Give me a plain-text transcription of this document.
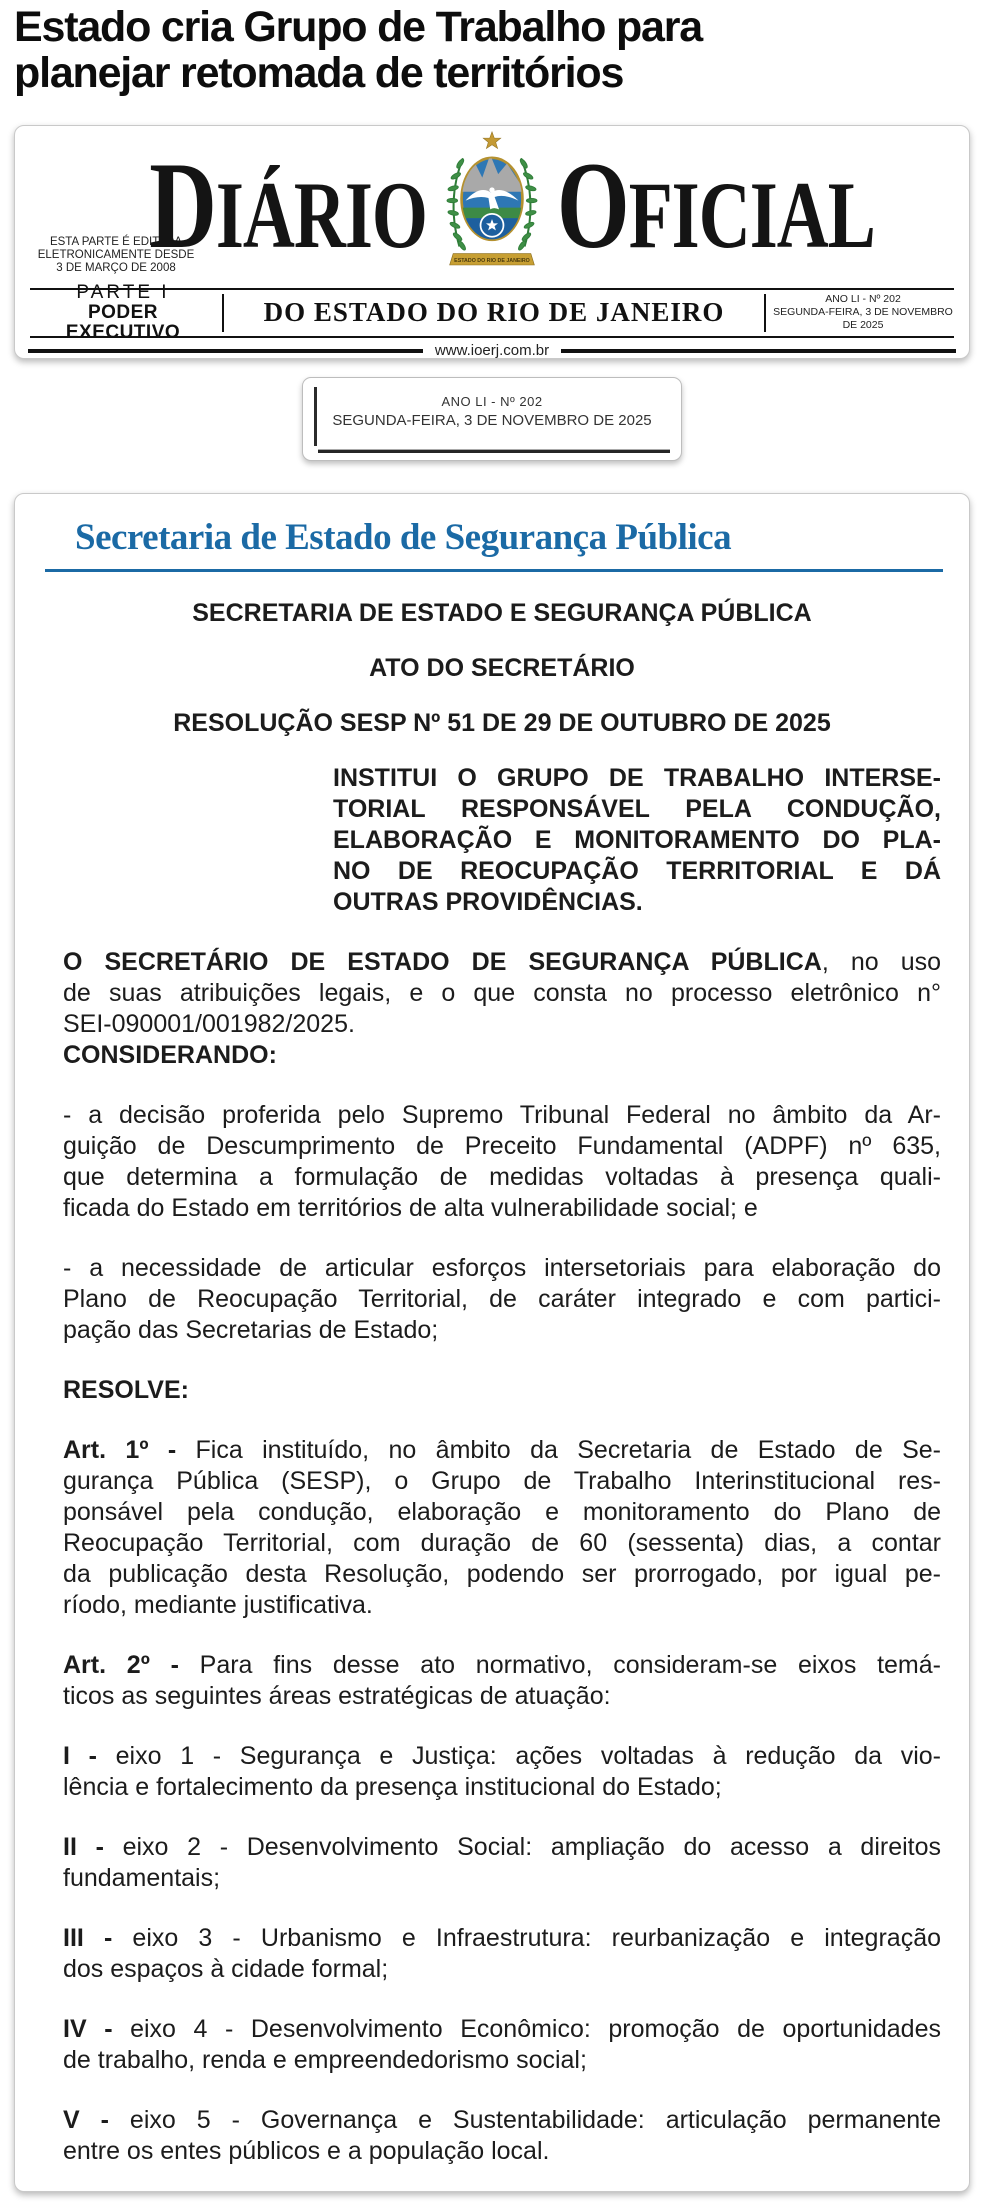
Estado cria Grupo de Trabalho para planejar retomada de territórios
ESTA PARTE É EDITADA
ELETRONICAMENTE DESDE
3 DE MARÇO DE 2008
DIÁRIO	ESTADO DO RIO DE JANEIRO OFICIAL
PARTE I
PODER EXECUTIVO
DO ESTADO DO RIO DE JANEIRO	ANO LI - Nº 202
SEGUNDA-FEIRA, 3 DE NOVEMBRO DE 2025
www.ioerj.com.br
ANO LI - Nº 202
SEGUNDA-FEIRA, 3 DE NOVEMBRO DE 2025
Secretaria de Estado de Segurança Pública
SECRETARIA DE ESTADO E SEGURANÇA PÚBLICA
ATO DO SECRETÁRIO
RESOLUÇÃO SESP Nº 51 DE 29 DE OUTUBRO DE 2025
INSTITUI O GRUPO DE TRABALHO INTERSE-
TORIAL RESPONSÁVEL PELA CONDUÇÃO,
ELABORAÇÃO E MONITORAMENTO DO PLA-
NO DE REOCUPAÇÃO TERRITORIAL E DÁ
OUTRAS PROVIDÊNCIAS.
O SECRETÁRIO DE ESTADO DE SEGURANÇA PÚBLICA, no uso
de suas atribuições legais, e o que consta no processo eletrônico n°
SEI-090001/001982/2025.
CONSIDERANDO:
- a decisão proferida pelo Supremo Tribunal Federal no âmbito da Ar-
guição de Descumprimento de Preceito Fundamental (ADPF) nº 635,
que determina a formulação de medidas voltadas à presença quali-
ficada do Estado em territórios de alta vulnerabilidade social; e
- a necessidade de articular esforços intersetoriais para elaboração do
Plano de Reocupação Territorial, de caráter integrado e com partici-
pação das Secretarias de Estado;
RESOLVE:
Art. 1º - Fica instituído, no âmbito da Secretaria de Estado de Se-
gurança Pública (SESP), o Grupo de Trabalho Interinstitucional res-
ponsável pela condução, elaboração e monitoramento do Plano de
Reocupação Territorial, com duração de 60 (sessenta) dias, a contar
da publicação desta Resolução, podendo ser prorrogado, por igual pe-
ríodo, mediante justificativa.
Art. 2º - Para fins desse ato normativo, consideram-se eixos temá-
ticos as seguintes áreas estratégicas de atuação:
I - eixo 1 - Segurança e Justiça: ações voltadas à redução da vio-
lência e fortalecimento da presença institucional do Estado;
II - eixo 2 - Desenvolvimento Social: ampliação do acesso a direitos
fundamentais;
III - eixo 3 - Urbanismo e Infraestrutura: reurbanização e integração
dos espaços à cidade formal;
IV - eixo 4 - Desenvolvimento Econômico: promoção de oportunidades
de trabalho, renda e empreendedorismo social;
V - eixo 5 - Governança e Sustentabilidade: articulação permanente
entre os entes públicos e a população local.
